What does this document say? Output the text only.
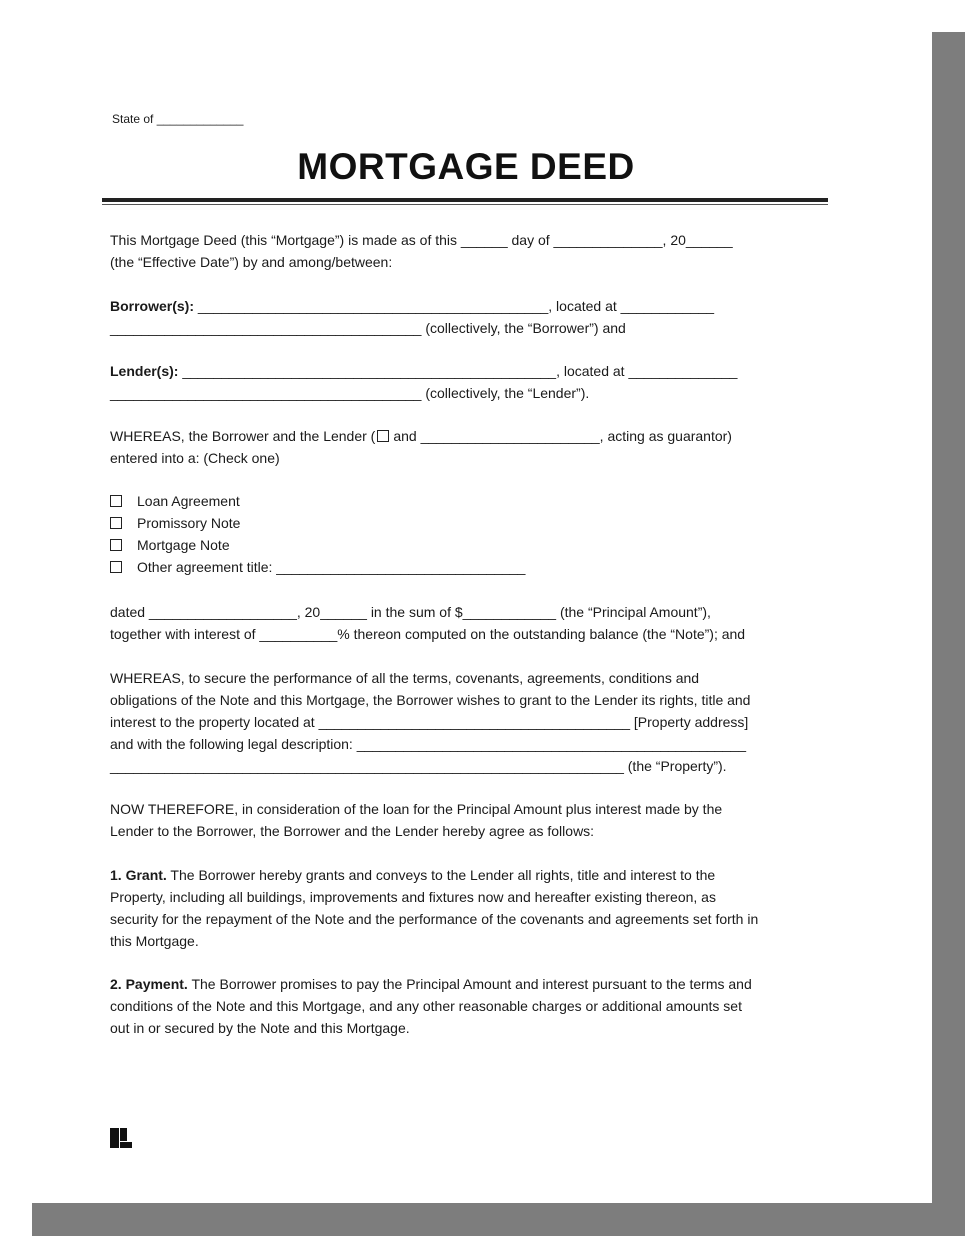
State of _____________
MORTGAGE DEED

This Mortgage Deed (this “Mortgage”) is made as of this ______ day of ______________, 20______
(the “Effective Date”) by and among/between:

Borrower(s): _____________________________________________, located at ____________
________________________________________ (collectively, the “Borrower”) and

Lender(s): ________________________________________________, located at ______________
________________________________________ (collectively, the “Lender”).

WHEREAS, the Borrower and the Lender ( and _______________________, acting as guarantor)
entered into a: (Check one)

Loan Agreement
Promissory Note
Mortgage Note
Other agreement title: ________________________________

dated ___________________, 20______ in the sum of $____________ (the “Principal Amount”),
together with interest of __________% thereon computed on the outstanding balance (the “Note”); and

WHEREAS, to secure the performance of all the terms, covenants, agreements, conditions and
obligations of the Note and this Mortgage, the Borrower wishes to grant to the Lender its rights, title and
interest to the property located at ________________________________________ [Property address]
and with the following legal description: __________________________________________________
__________________________________________________________________ (the “Property”).

NOW THEREFORE, in consideration of the loan for the Principal Amount plus interest made by the
Lender to the Borrower, the Borrower and the Lender hereby agree as follows:

1. Grant. The Borrower hereby grants and conveys to the Lender all rights, title and interest to the
Property, including all buildings, improvements and fixtures now and hereafter existing thereon, as
security for the repayment of the Note and the performance of the covenants and agreements set forth in
this Mortgage.

2. Payment. The Borrower promises to pay the Principal Amount and interest pursuant to the terms and
conditions of the Note and this Mortgage, and any other reasonable charges or additional amounts set
out in or secured by the Note and this Mortgage.
